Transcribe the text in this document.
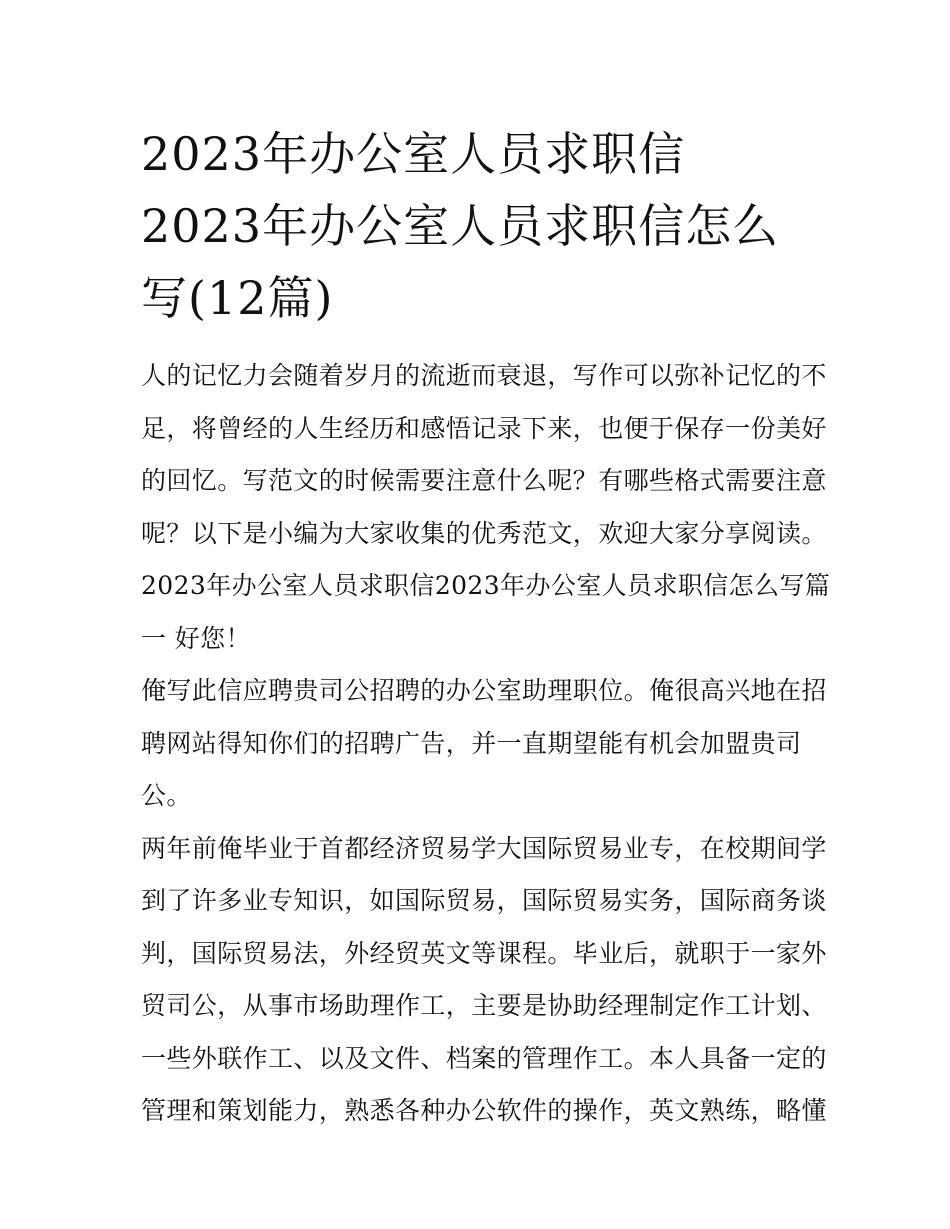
2023年办公室人员求职信
2023年办公室人员求职信怎么
写(12篇)

人的记忆力会随着岁月的流逝而衰退，写作可以弥补记忆的不
足，将曾经的人生经历和感悟记录下来，也便于保存一份美好
的回忆。写范文的时候需要注意什么呢？有哪些格式需要注意
呢？以下是小编为大家收集的优秀范文，欢迎大家分享阅读。

2023年办公室人员求职信2023年办公室人员求职信怎么写篇
一 好您！

俺写此信应聘贵司公招聘的办公室助理职位。俺很高兴地在招
聘网站得知你们的招聘广告，并一直期望能有机会加盟贵司
公。

两年前俺毕业于首都经济贸易学大国际贸易业专，在校期间学
到了许多业专知识，如国际贸易，国际贸易实务，国际商务谈
判，国际贸易法，外经贸英文等课程。毕业后，就职于一家外
贸司公，从事市场助理作工，主要是协助经理制定作工计划、
一些外联作工、以及文件、档案的管理作工。本人具备一定的
管理和策划能力，熟悉各种办公软件的操作，英文熟练，略懂
